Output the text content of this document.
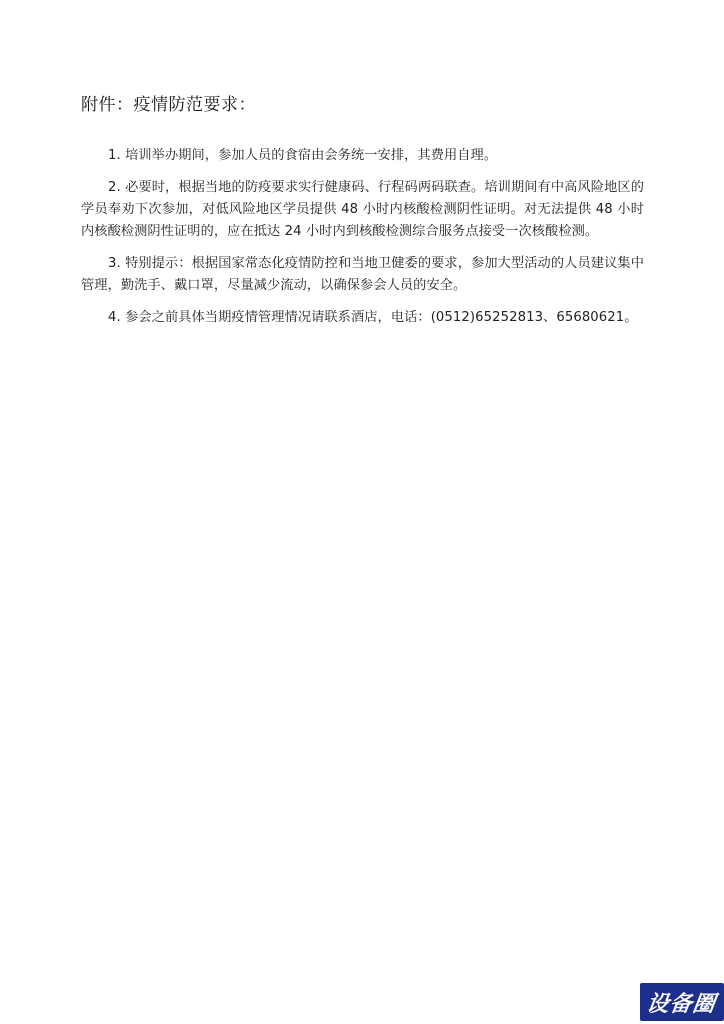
附件：疫情防范要求：

1. 培训举办期间，参加人员的食宿由会务统一安排，其费用自理。

2. 必要时，根据当地的防疫要求实行健康码、行程码两码联查。培训期间有中高风险地区的学员奉劝下次参加，对低风险地区学员提供 48 小时内核酸检测阴性证明。对无法提供 48 小时内核酸检测阴性证明的，应在抵达 24 小时内到核酸检测综合服务点接受一次核酸检测。

3. 特别提示：根据国家常态化疫情防控和当地卫健委的要求，参加大型活动的人员建议集中管理，勤洗手、戴口罩，尽量减少流动，以确保参会人员的安全。

4. 参会之前具体当期疫情管理情况请联系酒店，电话：(0512)65252813、65680621。

设备圈
